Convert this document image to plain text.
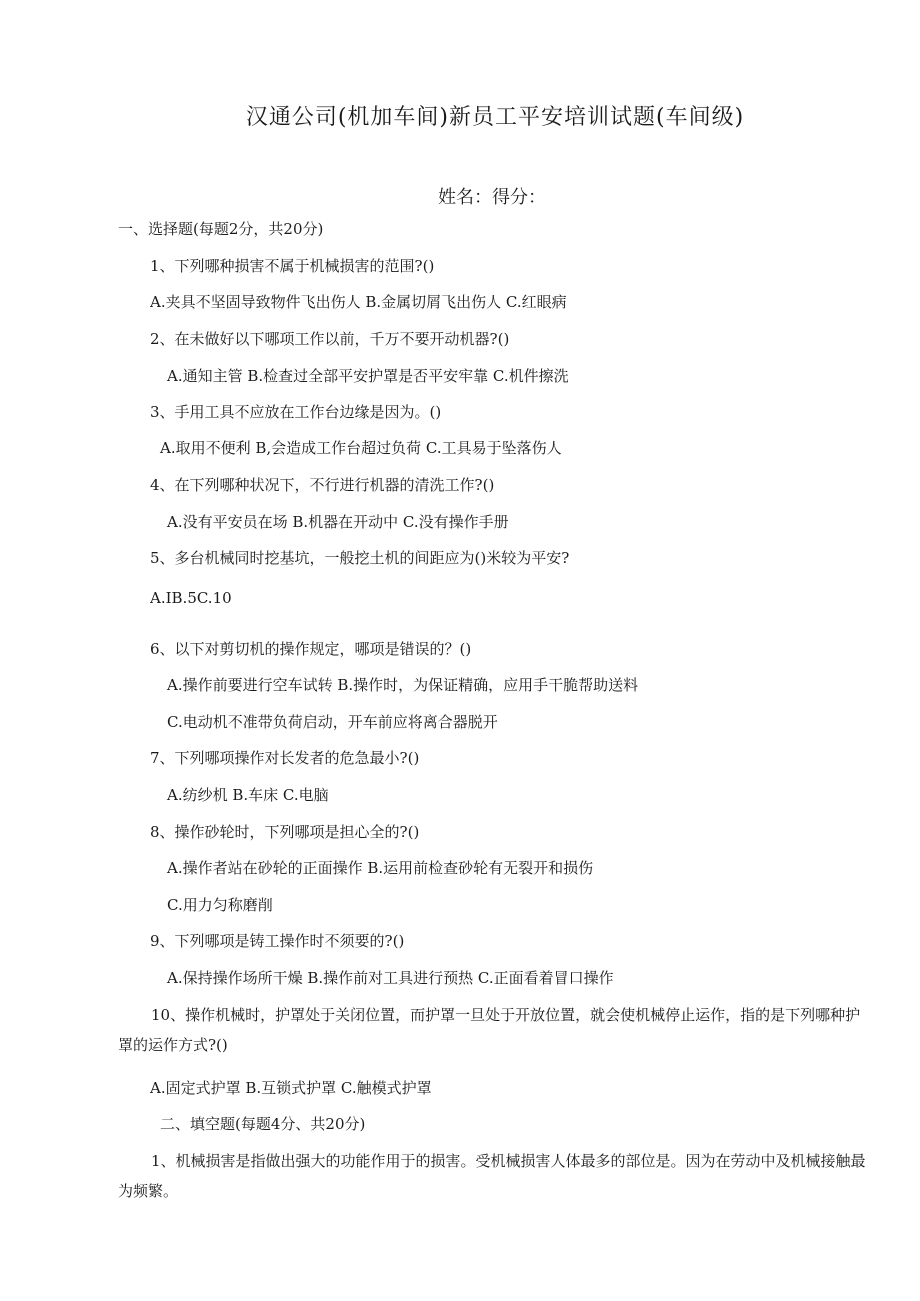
汉通公司(机加车间)新员工平安培训试题(车间级)
姓名：得分：
一、选择题(每题2分，共20分)
1、下列哪种损害不属于机械损害的范围?()
A.夹具不坚固导致物件飞出伤人 B.金属切屑飞出伤人 C.红眼病
2、在未做好以下哪项工作以前，千万不要开动机器?()
A.通知主管 B.检查过全部平安护罩是否平安牢靠 C.机件擦洗
3、手用工具不应放在工作台边缘是因为。()
A.取用不便利 B,会造成工作台超过负荷 C.工具易于坠落伤人
4、在下列哪种状况下，不行进行机器的清洗工作?()
A.没有平安员在场 B.机器在开动中 C.没有操作手册
5、多台机械同时挖基坑，一般挖土机的间距应为()米较为平安?
A.IB.5C.10
6、以下对剪切机的操作规定，哪项是错误的？()
A.操作前要进行空车试转 B.操作时，为保证精确，应用手干脆帮助送料
C.电动机不准带负荷启动，开车前应将离合器脱开
7、下列哪项操作对长发者的危急最小?()
A.纺纱机 B.车床 C.电脑
8、操作砂轮时，下列哪项是担心全的?()
A.操作者站在砂轮的正面操作 B.运用前检查砂轮有无裂开和损伤
C.用力匀称磨削
9、下列哪项是铸工操作时不须要的?()
A.保持操作场所干燥 B.操作前对工具进行预热 C.正面看着冒口操作
10、操作机械时，护罩处于关闭位置，而护罩一旦处于开放位置，就会使机械停止运作，指的是下列哪种护罩的运作方式?()
A.固定式护罩 B.互锁式护罩 C.触模式护罩
二、填空题(每题4分、共20分)
1、机械损害是指做出强大的功能作用于的损害。受机械损害人体最多的部位是。因为在劳动中及机械接触最为频繁。
